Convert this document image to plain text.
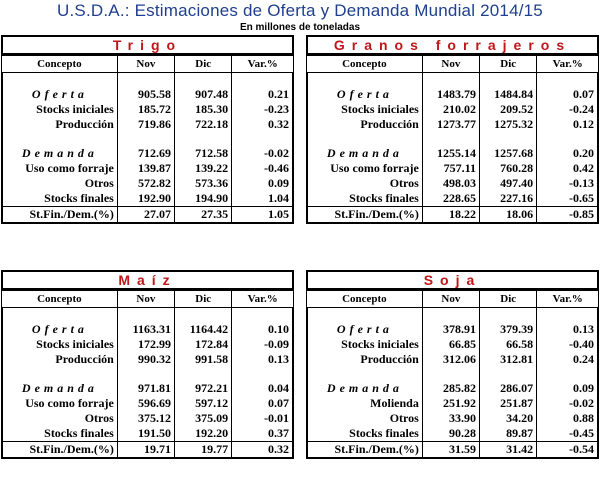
U.S.D.A.: Estimaciones de Oferta y Demanda Mundial 2014/15
En millones de toneladas
Trigo
Concepto	Nov	Dic	Var.%

Oferta	905.58	907.48	0.21
Stocks iniciales	185.72	185.30	-0.23
Producción	719.86	722.18	0.32

Demanda	712.69	712.58	-0.02
Uso como forraje	139.87	139.22	-0.46
Otros	572.82	573.36	0.09
Stocks finales	192.90	194.90	1.04
St.Fin./Dem.(%)	27.07	27.35	1.05
Granos forrajeros
Concepto	Nov	Dic	Var.%

Oferta	1483.79	1484.84	0.07
Stocks iniciales	210.02	209.52	-0.24
Producción	1273.77	1275.32	0.12

Demanda	1255.14	1257.68	0.20
Uso como forraje	757.11	760.28	0.42
Otros	498.03	497.40	-0.13
Stocks finales	228.65	227.16	-0.65
St.Fin./Dem.(%)	18.22	18.06	-0.85
Maíz
Concepto	Nov	Dic	Var.%

Oferta	1163.31	1164.42	0.10
Stocks iniciales	172.99	172.84	-0.09
Producción	990.32	991.58	0.13

Demanda	971.81	972.21	0.04
Uso como forraje	596.69	597.12	0.07
Otros	375.12	375.09	-0.01
Stocks finales	191.50	192.20	0.37
St.Fin./Dem.(%)	19.71	19.77	0.32
Soja
Concepto	Nov	Dic	Var.%

Oferta	378.91	379.39	0.13
Stocks iniciales	66.85	66.58	-0.40
Producción	312.06	312.81	0.24

Demanda	285.82	286.07	0.09
Molienda	251.92	251.87	-0.02
Otros	33.90	34.20	0.88
Stocks finales	90.28	89.87	-0.45
St.Fin./Dem.(%)	31.59	31.42	-0.54
